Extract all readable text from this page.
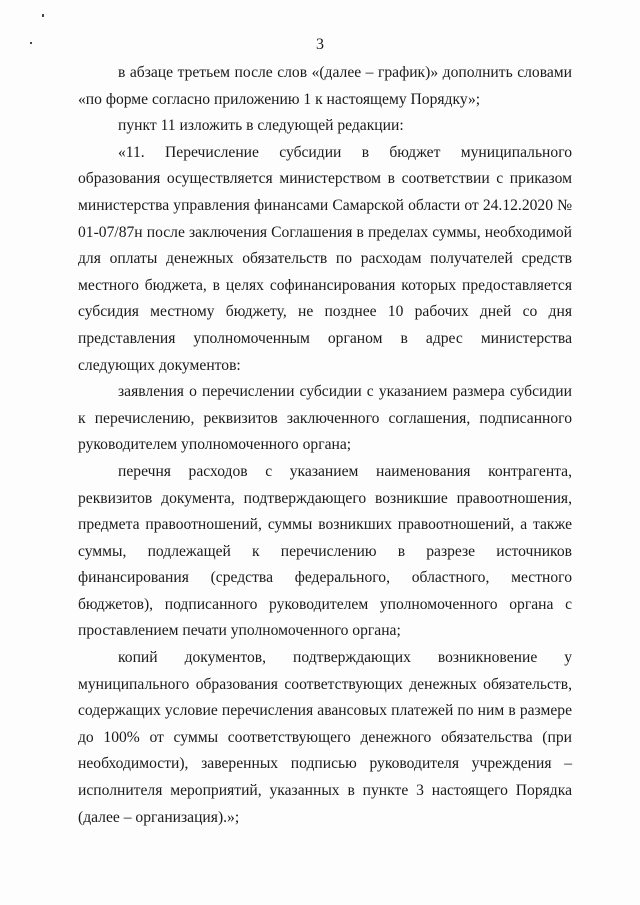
3

в абзаце третьем после слов «(далее – график)» дополнить словами «по форме согласно приложению 1 к настоящему Порядку»;

пункт 11 изложить в следующей редакции:

«11. Перечисление субсидии в бюджет муниципального образования осуществляется министерством в соответствии с приказом министерства управления финансами Самарской области от 24.12.2020 № 01-07/87н после заключения Соглашения в пределах суммы, необходимой для оплаты денежных обязательств по расходам получателей средств местного бюджета, в целях софинансирования которых предоставляется субсидия местному бюджету, не позднее 10 рабочих дней со дня представления уполномоченным органом в адрес министерства следующих документов:

заявления о перечислении субсидии с указанием размера субсидии к перечислению, реквизитов заключенного соглашения, подписанного руководителем уполномоченного органа;

перечня расходов с указанием наименования контрагента, реквизитов документа, подтверждающего возникшие правоотношения, предмета правоотношений, суммы возникших правоотношений, а также суммы, подлежащей к перечислению в разрезе источников финансирования (средства федерального, областного, местного бюджетов), подписанного руководителем уполномоченного органа с проставлением печати уполномоченного органа;

копий документов, подтверждающих возникновение у муниципального образования соответствующих денежных обязательств, содержащих условие перечисления авансовых платежей по ним в размере до 100% от суммы соответствующего денежного обязательства (при необходимости), заверенных подписью руководителя учреждения – исполнителя мероприятий, указанных в пункте 3 настоящего Порядка (далее – организация).»;
